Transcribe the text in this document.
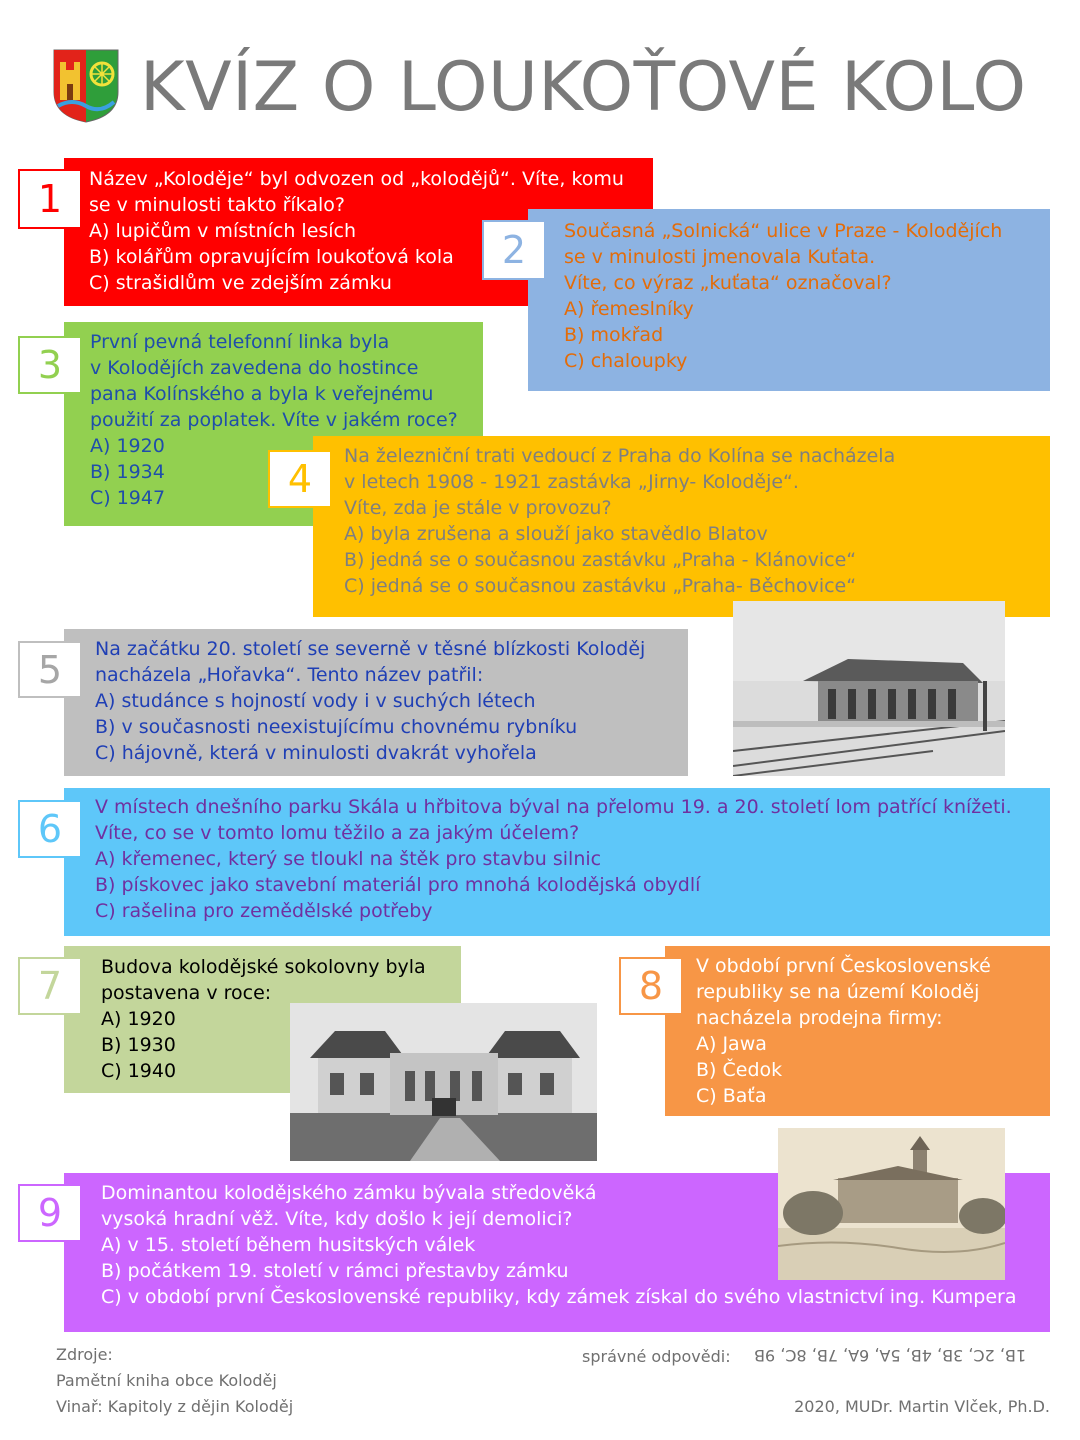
KVÍZ O LOUKOŤOVÉ KOLO

Název „Koloděje“ byl odvozen od „kolodějů“. Víte, komu

se v minulosti takto říkalo?

A) lupičům v místních lesích

B) kolářům opravujícím loukoťová kola

C) strašidlům ve zdejším zámku

1

Současná „Solnická“ ulice v Praze - Kolodějích

se v minulosti jmenovala Kuťata.

Víte, co výraz „kuťata“ označoval?

A) řemeslníky

B) mokřad

C) chaloupky

2

První pevná telefonní linka byla

v Kolodějích zavedena do hostince

pana Kolínského a byla k veřejnému

použití za poplatek. Víte v jakém roce?

A) 1920

B) 1934

C) 1947

3

Na železniční trati vedoucí z Praha do Kolína se nacházela

v letech 1908 - 1921 zastávka „Jirny- Koloděje“.

Víte, zda je stále v provozu?

A) byla zrušena a slouží jako stavědlo Blatov

B) jedná se o současnou zastávku „Praha - Klánovice“

C) jedná se o současnou zastávku „Praha- Běchovice“

4

Na začátku 20. století se severně v těsné blízkosti Koloděj

nacházela „Hořavka“. Tento název patřil:

A) studánce s hojností vody i v suchých létech

B) v současnosti neexistujícímu chovnému rybníku

C) hájovně, která v minulosti dvakrát vyhořela

5

V místech dnešního parku Skála u hřbitova býval na přelomu 19. a 20. století lom patřící knížeti.

Víte, co se v tomto lomu těžilo a za jakým účelem?

A) křemenec, který se tloukl na štěk pro stavbu silnic

B) pískovec jako stavební materiál pro mnohá kolodějská obydlí

C) rašelina pro zemědělské potřeby

6

Budova kolodějské sokolovny byla

postavena v roce:

A) 1920

B) 1930

C) 1940

7	V období první Československé

republiky se na území Koloděj

nacházela prodejna firmy:

A) Jawa

B) Čedok

C) Baťa

8

Dominantou kolodějského zámku bývala středověká

vysoká hradní věž. Víte, kdy došlo k její demolici?

A) v 15. století během husitských válek

B) počátkem 19. století v rámci přestavby zámku

C) v období první Československé republiky, kdy zámek získal do svého vlastnictví ing. Kumpera

9
Zdroje:
Pamětní kniha obce Koloděj
Vinař: Kapitoly z dějin Koloděj
správné odpovědi: 1B, 2C, 3B, 4B, 5A, 6A, 7B, 8C, 9B
2020, MUDr. Martin Vlček, Ph.D.
